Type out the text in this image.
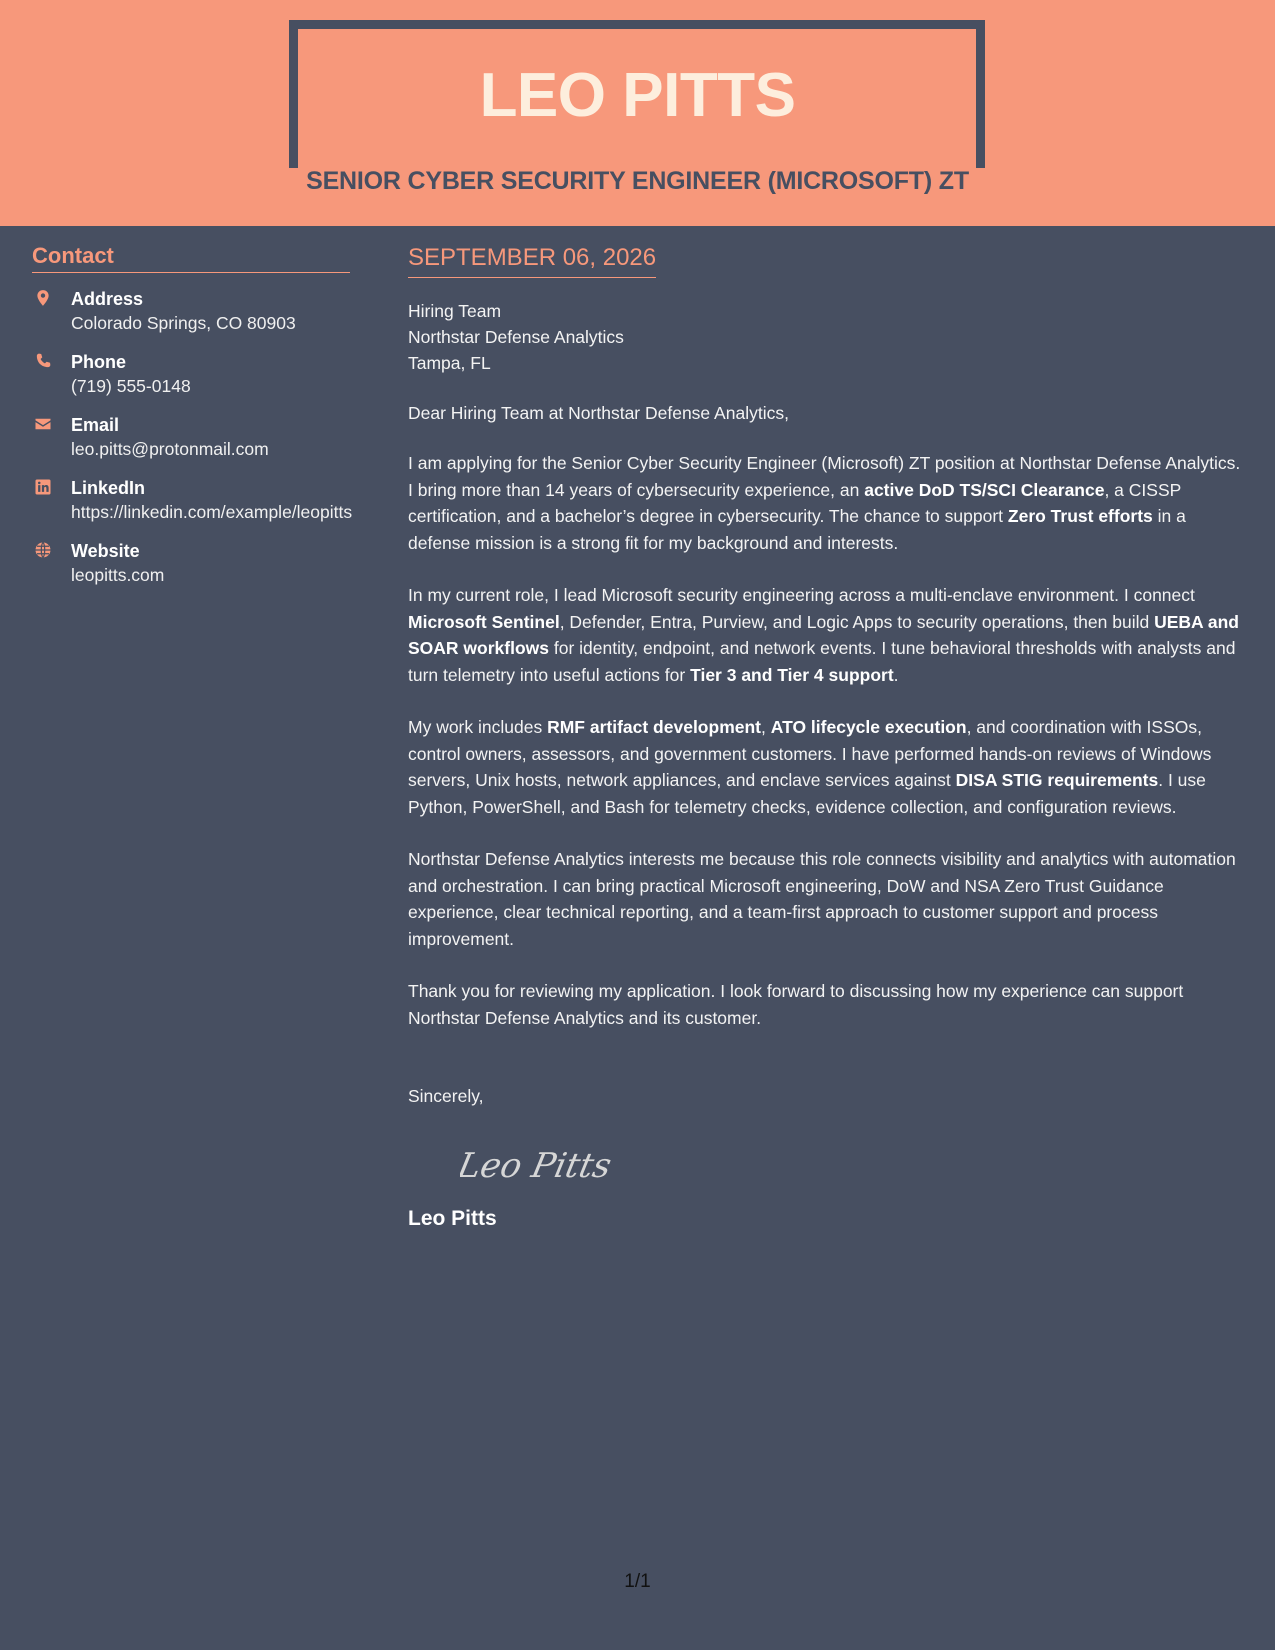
LEO PITTS
SENIOR CYBER SECURITY ENGINEER (MICROSOFT) ZT
Contact
Address
Colorado Springs, CO 80903
Phone
(719) 555-0148
Email
leo.pitts@protonmail.com
LinkedIn
https://linkedin.com/example/leopitts
Website
leopitts.com

SEPTEMBER 06, 2026

Hiring Team
Northstar Defense Analytics
Tampa, FL

Dear Hiring Team at Northstar Defense Analytics,

I am applying for the Senior Cyber Security Engineer (Microsoft) ZT position at Northstar Defense Analytics. I bring more than 14 years of cybersecurity experience, an active DoD TS/SCI Clearance, a CISSP certification, and a bachelor’s degree in cybersecurity. The chance to support Zero Trust efforts in a defense mission is a strong fit for my background and interests.

In my current role, I lead Microsoft security engineering across a multi-enclave environment. I connect Microsoft Sentinel, Defender, Entra, Purview, and Logic Apps to security operations, then build UEBA and SOAR workflows for identity, endpoint, and network events. I tune behavioral thresholds with analysts and turn telemetry into useful actions for Tier 3 and Tier 4 support.

My work includes RMF artifact development, ATO lifecycle execution, and coordination with ISSOs, control owners, assessors, and government customers. I have performed hands-on reviews of Windows servers, Unix hosts, network appliances, and enclave services against DISA STIG requirements. I use Python, PowerShell, and Bash for telemetry checks, evidence collection, and configuration reviews.

Northstar Defense Analytics interests me because this role connects visibility and analytics with automation and orchestration. I can bring practical Microsoft engineering, DoW and NSA Zero Trust Guidance experience, clear technical reporting, and a team-first approach to customer support and process improvement.

Thank you for reviewing my application. I look forward to discussing how my experience can support Northstar Defense Analytics and its customer.

Sincerely,
Leo Pitts
Leo Pitts
1/1
